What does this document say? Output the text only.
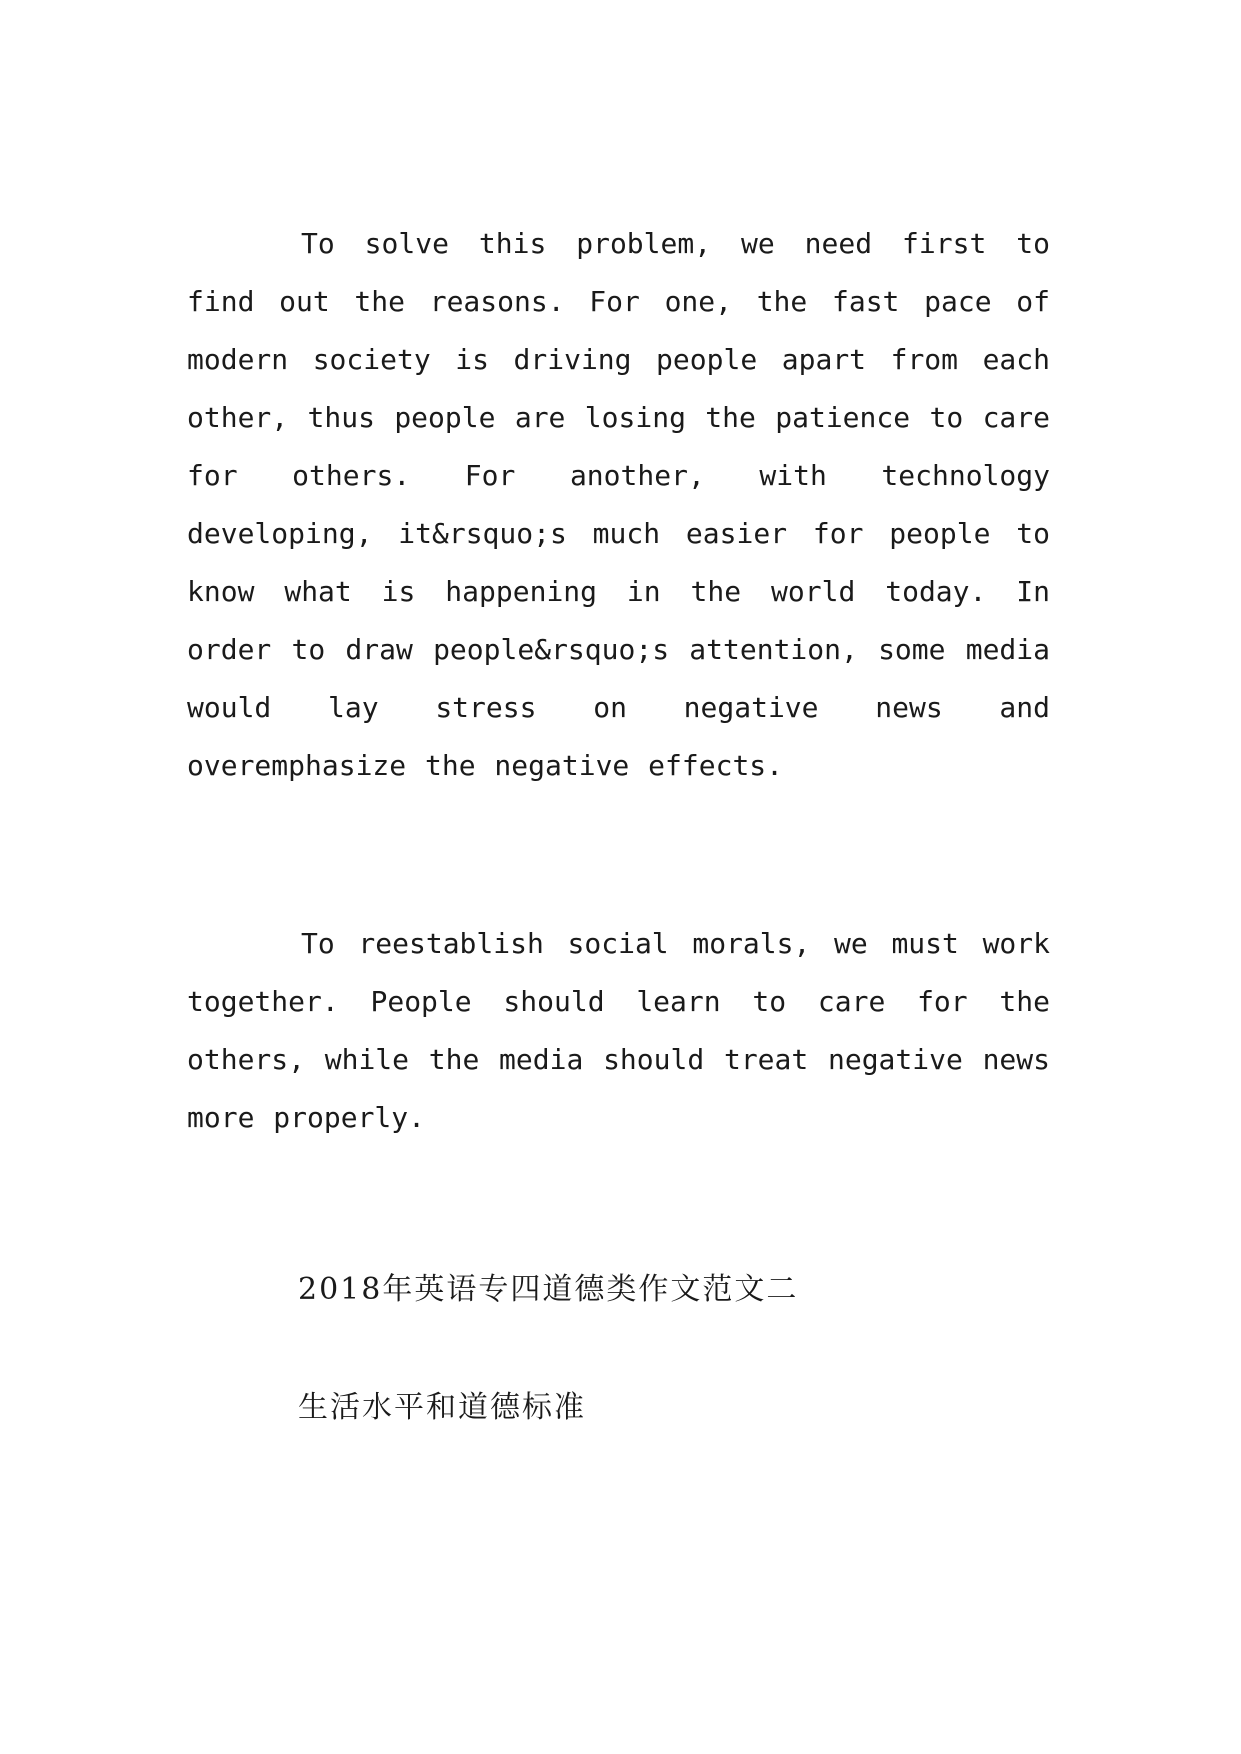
To solve this problem, we need first to find out the reasons. For one, the fast pace of modern society is driving people apart from each other, thus people are losing the patience to care for others. For another, with technology developing, it&rsquo;s much easier for people to know what is happening in the world today. In order to draw people&rsquo;s attention, some media would lay stress on negative news and overemphasize the negative effects.

To reestablish social morals, we must work together. People should learn to care for the others, while the media should treat negative news more properly.

2018年英语专四道德类作文范文二

生活水平和道德标准
